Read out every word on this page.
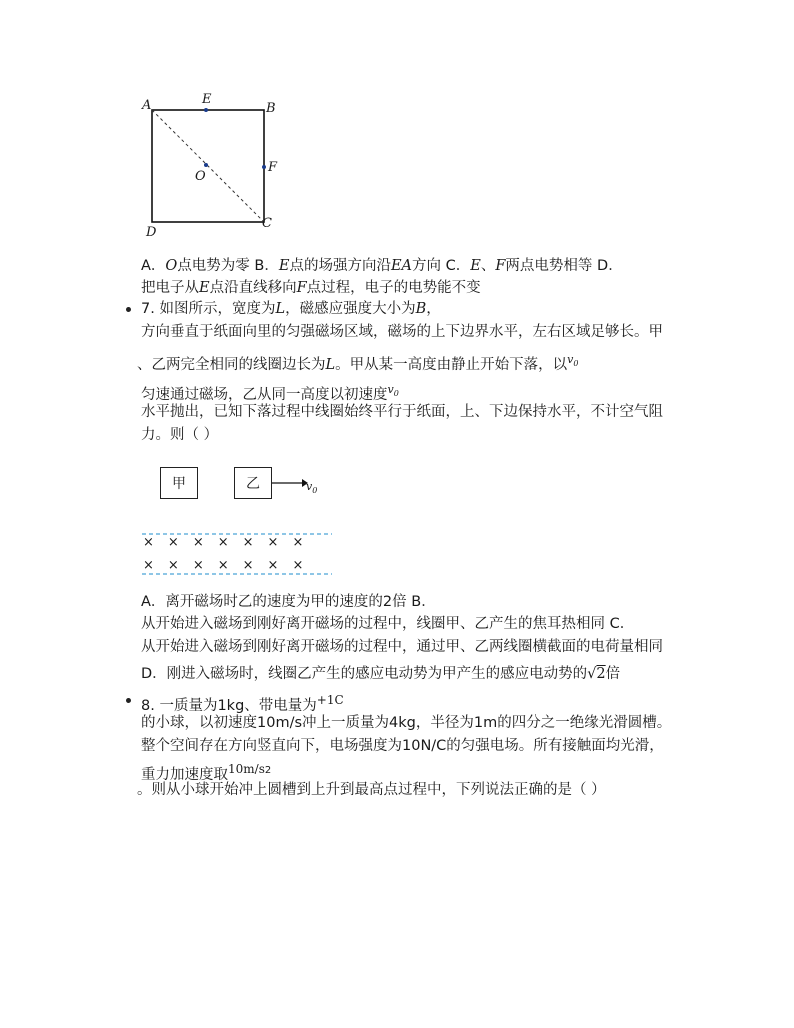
A	E
B
F
O
C
D
A．O点电势为零 B．E点的场强方向沿EA方向 C．E、F两点电势相等 D．
把电子从E点沿直线移向F点过程，电子的电势能不变
7. 如图所示，宽度为L，磁感应强度大小为B，
方向垂直于纸面向里的匀强磁场区域，磁场的上下边界水平，左右区域足够长。甲
、乙两完全相同的线圈边长为L。甲从某一高度由静止开始下落，以$^{v_0}$
匀速通过磁场，乙从同一高度以初速度$^{v_0}$
水平抛出，已知下落过程中线圈始终平行于纸面，上、下边保持水平，不计空气阻
力。则（ ）
甲	乙	$v_0$
×××××××
×××××××
A．离开磁场时乙的速度为甲的速度的2倍 B．
从开始进入磁场到刚好离开磁场的过程中，线圈甲、乙产生的焦耳热相同 C．
从开始进入磁场到刚好离开磁场的过程中，通过甲、乙两线圈横截面的电荷量相同
D．刚进入磁场时，线圈乙产生的感应电动势为甲产生的感应电动势的√2倍
8. 一质量为1kg、带电量为$^{+1C}$
的小球，以初速度10m/s冲上一质量为4kg，半径为1m的四分之一绝缘光滑圆槽。
整个空间存在方向竖直向下，电场强度为10N/C的匀强电场。所有接触面均光滑，
重力加速度取$^{10m/s2}$
。则从小球开始冲上圆槽到上升到最高点过程中，下列说法正确的是（ ）
